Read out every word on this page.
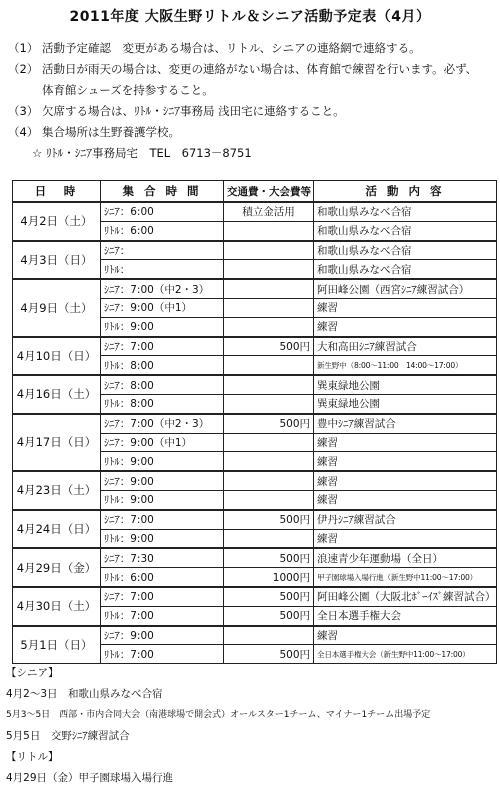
2011年度 大阪生野リトル＆シニア活動予定表（4月）
（1） 活動予定確認　変更がある場合は、リトル、シニアの連絡網で連絡する。
（2） 活動日が雨天の場合は、変更の連絡がない場合は、体育館で練習を行います。必ず、
体育館シューズを持参すること。
（3） 欠席する場合は、ﾘﾄﾙ・ｼﾆｱ事務局 浅田宅に連絡すること。
（4） 集合場所は生野養護学校。
☆ ﾘﾄﾙ・ｼﾆｱ事務局宅　TEL　6713－8751
日　時	集 合 時 間	交通費・大会費等	活 動 内 容
4月2日（土）	ｼﾆｱ：6:00	積立金活用	和歌山県みなべ合宿
	ﾘﾄﾙ：6:00		和歌山県みなべ合宿
4月3日（日）	ｼﾆｱ：		和歌山県みなべ合宿
	ﾘﾄﾙ：		和歌山県みなべ合宿
4月9日（土）	ｼﾆｱ：7:00（中2・3）		阿田峰公園（西宮ｼﾆｱ練習試合）
	ｼﾆｱ：9:00（中1）		練習
	ﾘﾄﾙ：9:00		練習
4月10日（日）	ｼﾆｱ：7:00	500円	大和高田ｼﾆｱ練習試合
	ﾘﾄﾙ：8:00		新生野中（8:00～11:00　14:00～17:00）
4月16日（土）	ｼﾆｱ：8:00		巽東緑地公園
	ﾘﾄﾙ：8:00		巽東緑地公園
4月17日（日）	ｼﾆｱ：7:00（中2・3）	500円	豊中ｼﾆｱ練習試合
	ｼﾆｱ：9:00（中1）		練習
	ﾘﾄﾙ：9:00		練習
4月23日（土）	ｼﾆｱ：9:00		練習
	ﾘﾄﾙ：9:00		練習
4月24日（日）	ｼﾆｱ：7:00	500円	伊丹ｼﾆｱ練習試合
	ﾘﾄﾙ：9:00		練習
4月29日（金）	ｼﾆｱ：7:30	500円	浪速青少年運動場（全日）
	ﾘﾄﾙ：6:00	1000円	甲子園球場入場行進（新生野中11:00～17:00）
4月30日（土）	ｼﾆｱ：7:00	500円	阿田峰公園（大阪北ﾎﾞｰｲｽﾞ練習試合）
	ﾘﾄﾙ：7:00	500円	全日本選手権大会
5月1日（日）	ｼﾆｱ：9:00		練習
	ﾘﾄﾙ：7:00	500円	全日本選手権大会（新生野中11:00～17:00）
【シニア】
4月2～3日　和歌山県みなべ合宿
5月3～5日　西部・市内合同大会（南港球場で開会式）オールスター1チーム、マイナー1チーム出場予定
5月5日　交野ｼﾆｱ練習試合
【リトル】
4月29日（金）甲子園球場入場行進
